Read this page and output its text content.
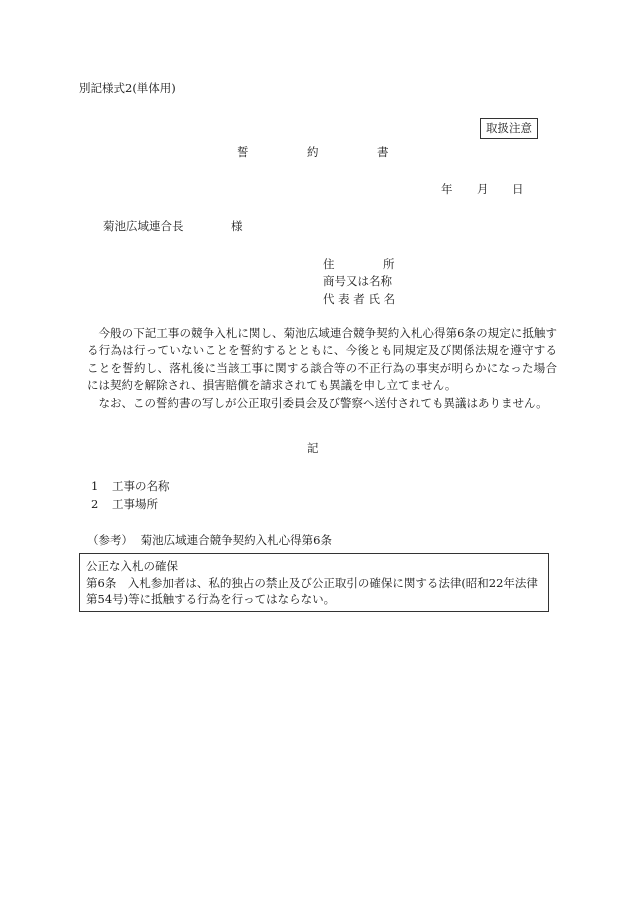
別記様式2(単体用)
取扱注意
誓	約	書
年 月 日
菊池広域連合長	様
住	所
商号又は名称
代 表 者 氏 名

今般の下記工事の競争入札に関し、菊池広域連合競争契約入札心得第6条の規定に抵触する行為は行っていないことを誓約するとともに、今後とも同規定及び関係法規を遵守することを誓約し、落札後に当該工事に関する談合等の不正行為の事実が明らかになった場合には契約を解除され、損害賠償を請求されても異議を申し立てません。

なお、この誓約書の写しが公正取引委員会及び警察へ送付されても異議はありません。

記
1 工事の名称
2 工事場所
（参考） 菊池広域連合競争契約入札心得第6条
公正な入札の確保
第6条　入札参加者は、私的独占の禁止及び公正取引の確保に関する法律(昭和22年法律第54号)等に抵触する行為を行ってはならない。
